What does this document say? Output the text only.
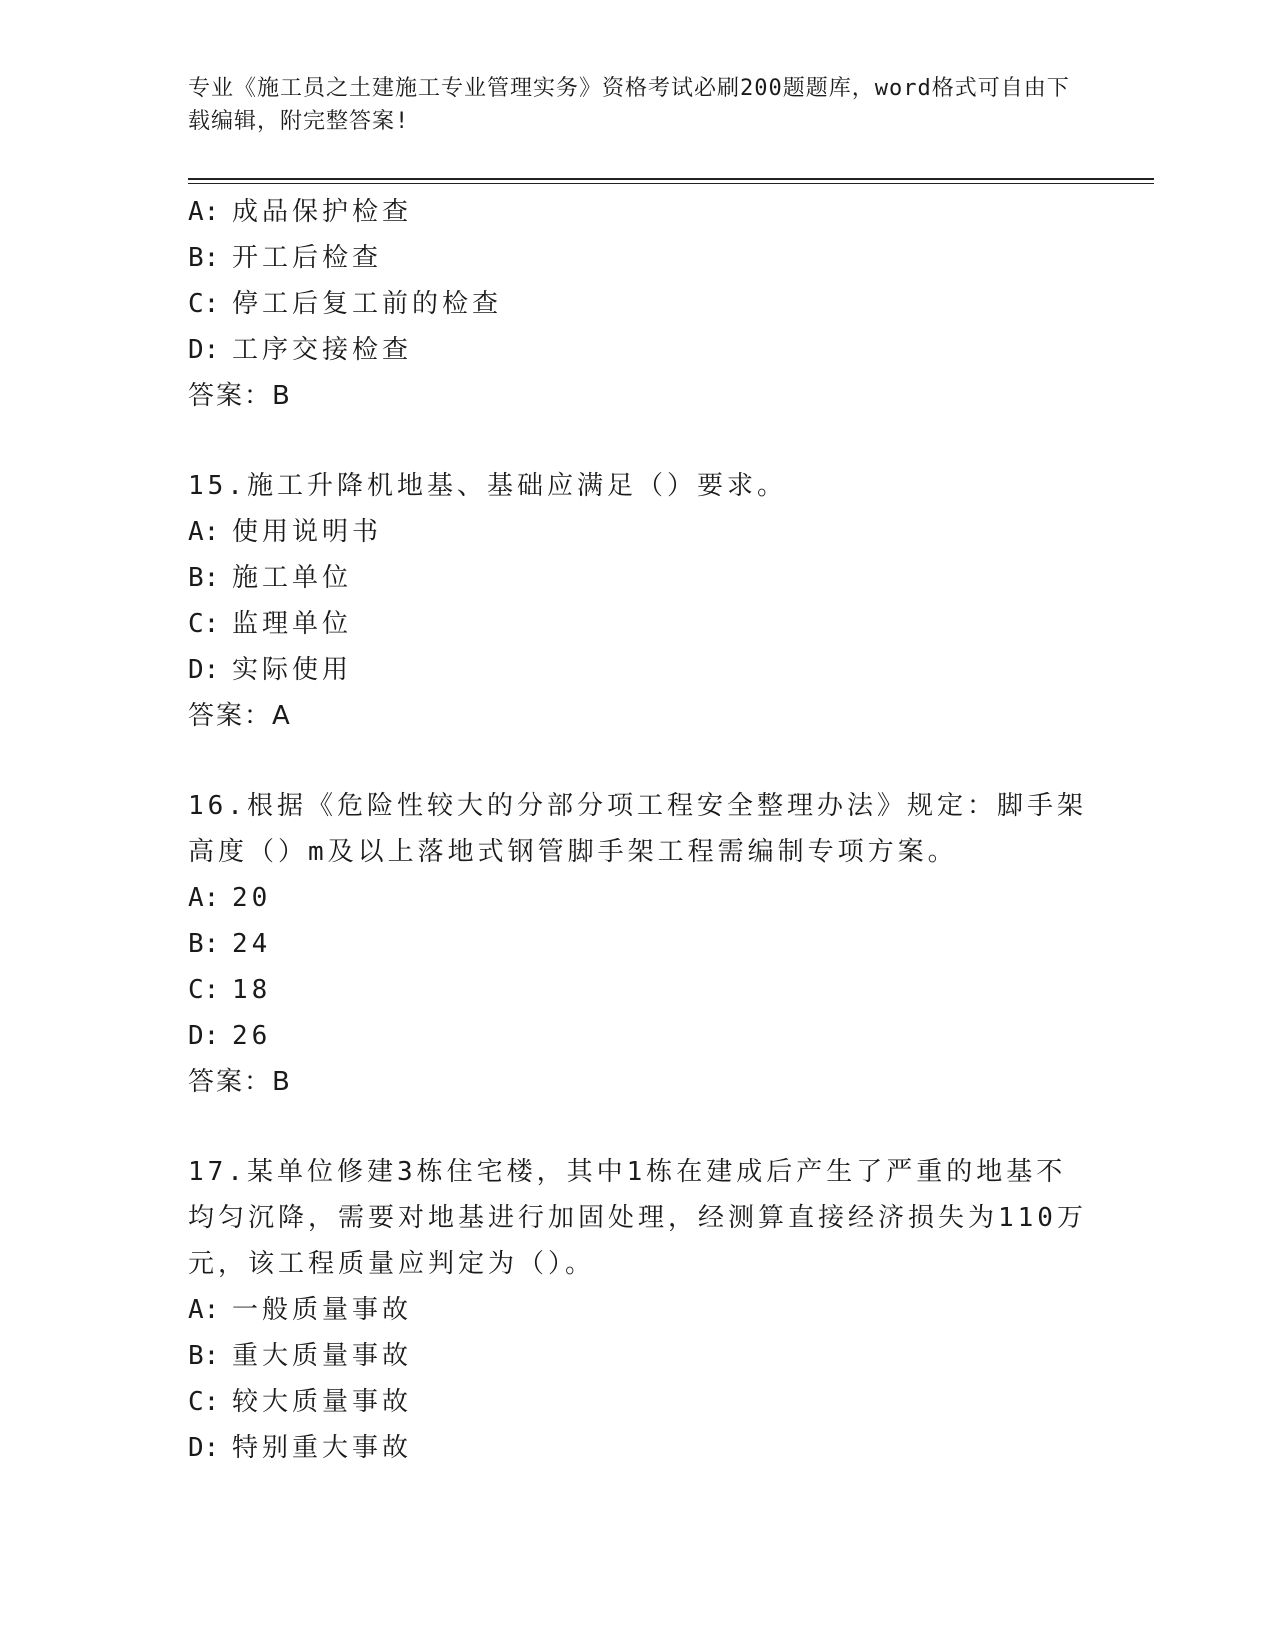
专业《施工员之土建施工专业管理实务》资格考试必刷200题题库，word格式可自由下载编辑，附完整答案!
A: 成品保护检查
B: 开工后检查
C: 停工后复工前的检查
D: 工序交接检查
答案：B
15.施工升降机地基、基础应满足（）要求。
A: 使用说明书
B: 施工单位
C: 监理单位
D: 实际使用
答案：A
16.根据《危险性较大的分部分项工程安全整理办法》规定：脚手架高度（）m及以上落地式钢管脚手架工程需编制专项方案。
A: 20
B: 24
C: 18
D: 26
答案：B
17.某单位修建3栋住宅楼，其中1栋在建成后产生了严重的地基不均匀沉降，需要对地基进行加固处理，经测算直接经济损失为110万元，该工程质量应判定为（）。
A: 一般质量事故
B: 重大质量事故
C: 较大质量事故
D: 特别重大事故
